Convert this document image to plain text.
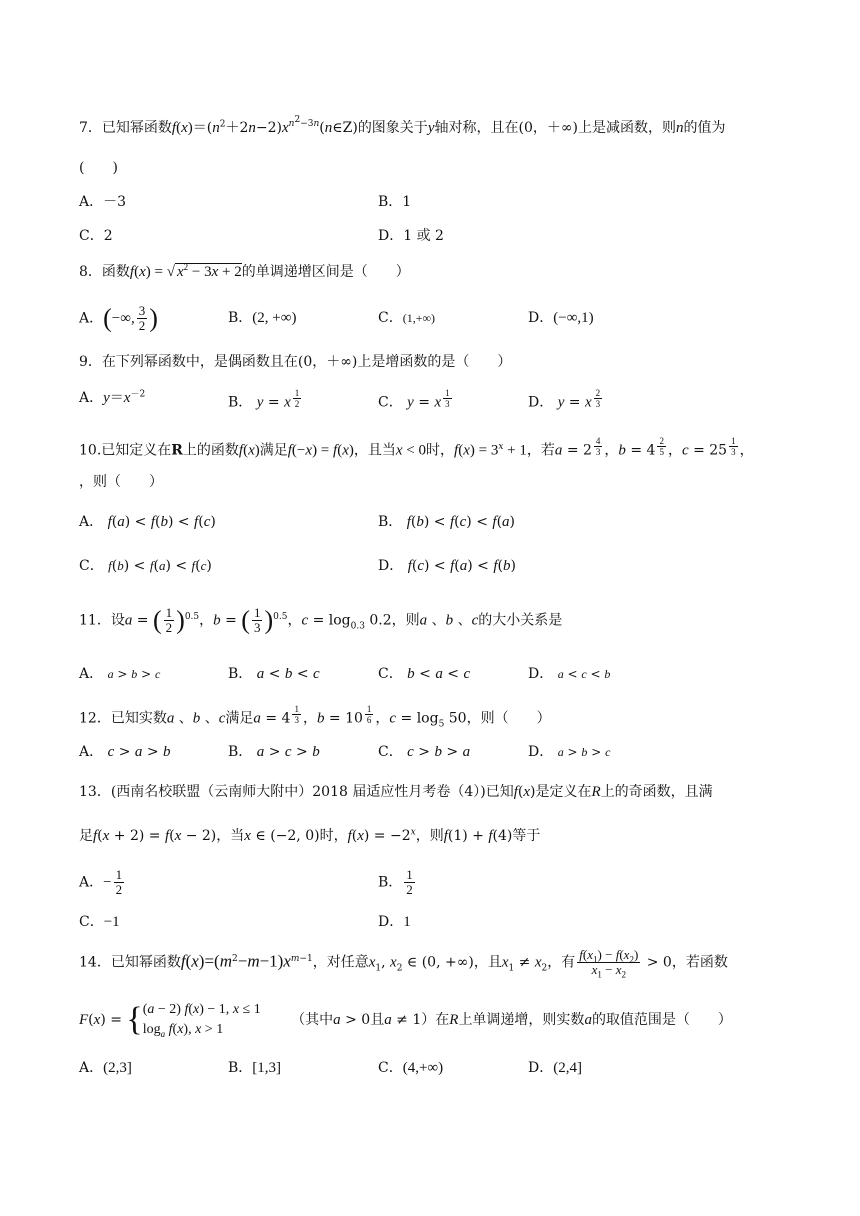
7．已知幂函数$f(x)=(n^2+2n-2)x^{n^2-3n}(n\in Z)$的图象关于y轴对称，且在(0，＋∞)上是减函数，则n的值为
(　　)
A．－3	B．1
C．2	D．1 或 2
8．函数f(x) = √ $x^2 - 3x + 2$的单调递增区间是（　　）
A．(−∞, $\frac{3}{2}$ )	B．(2, +∞)	C．(1,+∞)	D．(−∞,1)
9．在下列幂函数中，是偶函数且在(0，＋∞)上是增函数的是（　　）
A．$y=x^{-2}$
B． y = x $^{\frac{1}{2}}$	C． y = x $^{\frac{1}{3}}$	D． y = x $^{\frac{2}{3}}$
10.已知定义在R上的函数f(x)满足f(−x) = f(x)，且当x < 0时，$f(x) = 3^x + 1$，若a = 2 $^{\frac{4}{3}}$ ，b = 4 $^{\frac{2}{5}}$ ，c = 25 $^{\frac{1}{3}}$ ，
，则（　　）
A． f(a) < f(b) < f(c)	B． f(b) < f(c) < f(a)
C． f(b) < f(a) < f(c)	D． f(c) < f(a) < f(b)
11．设a = ( $\frac{1}{2} )^{0.5}$，b = ( $\frac{1}{3} )^{0.5}$，$c = \log_{0.3} 0.2$，则a 、b 、c的大小关系是
A． a > b > c	B． a < b < c	C． b < a < c	D． a < c < b
12．已知实数a 、b 、c满足a = 4 $^{\frac{1}{3}}$ ，b = 10 $^{\frac{1}{6}}$ ，$c = \log_5 50$，则（　　）
A． c > a > b	B． a > c > b	C． c > b > a	D． a > b > c
13．(西南名校联盟（云南师大附中）2018 届适应性月考卷（4）)已知f(x)是定义在R上的奇函数，且满
足f(x + 2) = f(x − 2)，当x ∈ (−2, 0)时，$f(x) = -2^x$，则f(1) + f(4)等于
A．− $\frac{1}{2}$	B． $\frac{1}{2}$
C．−1	D．1
14．已知幂函数$f(x)=(m^2-m-1)x^{m-1}$，对任意$x_1$, $x_2$ ∈ (0, +∞)，且$x_1 \ne x_2$，有 $\frac{f(x_1) - f(x_2)}{x_1 - x_2} > 0$，若函数
F(x) = { (a − 2) f(x) − 1, x ≤ 1
$\log_a f(x)$, x > 1
（其中a > 0且a ≠ 1）在R上单调递增，则实数a的取值范围是（　　）
A．(2,3]	B．[1,3]	C．(4,+∞)	D．(2,4]
